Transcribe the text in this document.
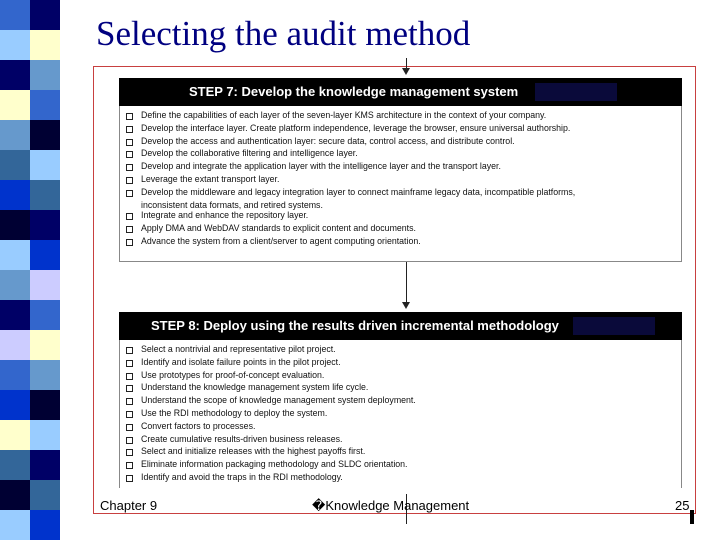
Selecting the audit method
STEP 7: Develop the knowledge management system
Define the capabilities of each layer of the seven-layer KMS architecture in the context of your company.
Develop the interface layer. Create platform independence, leverage the browser, ensure universal authorship.
Develop the access and authentication layer: secure data, control access, and distribute control.
Develop the collaborative filtering and intelligence layer.
Develop and integrate the application layer with the intelligence layer and the transport layer.
Leverage the extant transport layer.
Develop the middleware and legacy integration layer to connect mainframe legacy data, incompatible platforms,
inconsistent data formats, and retired systems.
Integrate and enhance the repository layer.
Apply DMA and WebDAV standards to explicit content and documents.
Advance the system from a client/server to agent computing orientation.
STEP 8: Deploy using the results driven incremental methodology
Select a nontrivial and representative pilot project.
Identify and isolate failure points in the pilot project.
Use prototypes for proof-of-concept evaluation.
Understand the knowledge management system life cycle.
Understand the scope of knowledge management system deployment.
Use the RDI methodology to deploy the system.
Convert factors to processes.
Create cumulative results-driven business releases.
Select and initialize releases with the highest payoffs first.
Eliminate information packaging methodology and SLDC orientation.
Identify and avoid the traps in the RDI methodology.
Chapter 9	�Knowledge Management	25
